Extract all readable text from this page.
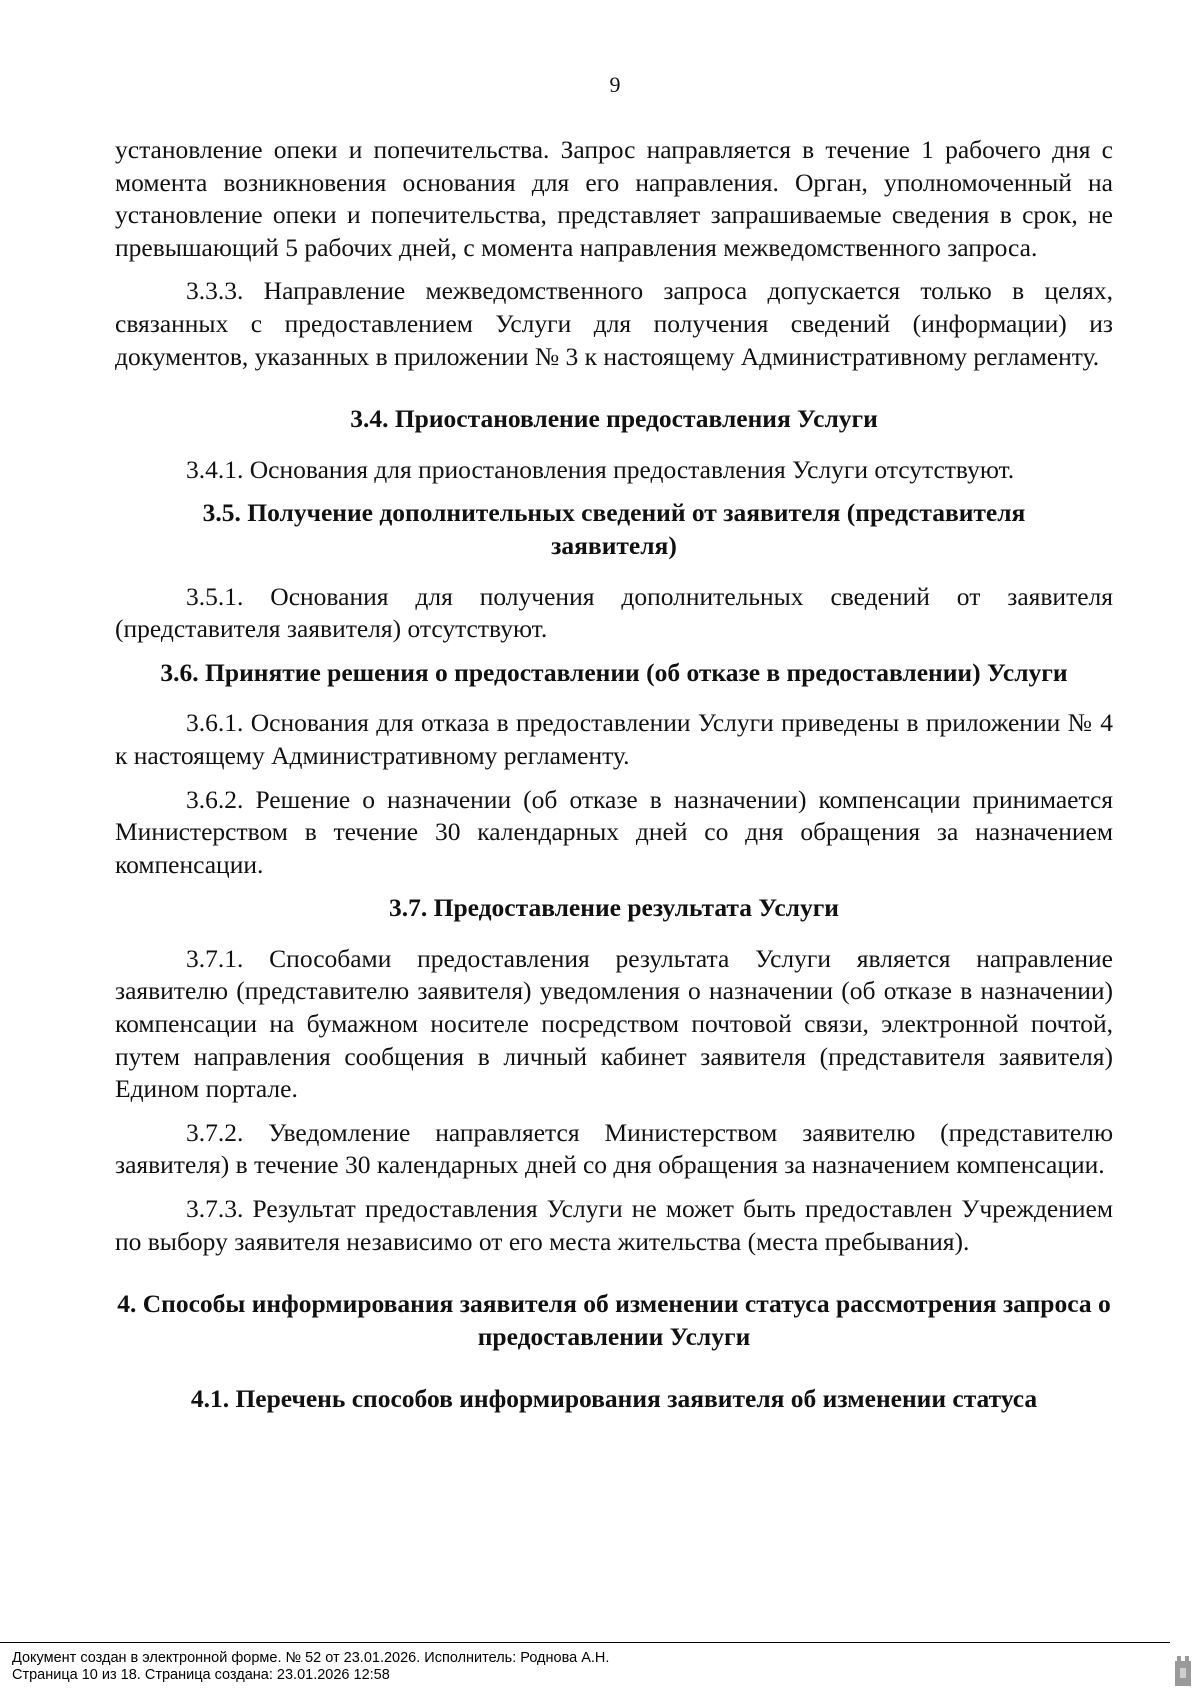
9

установление опеки и попечительства. Запрос направляется в течение 1 рабочего дня с момента возникновения основания для его направления. Орган, уполномоченный на установление опеки и попечительства, представляет запрашиваемые сведения в срок, не превышающий 5 рабочих дней, с момента направления межведомственного запроса.

3.3.3. Направление межведомственного запроса допускается только в целях, связанных с предоставлением Услуги для получения сведений (информации) из документов, указанных в приложении № 3 к настоящему Административному регламенту.

3.4. Приостановление предоставления Услуги

3.4.1. Основания для приостановления предоставления Услуги отсутствуют.

3.5. Получение дополнительных сведений от заявителя (представителя заявителя)

3.5.1. Основания для получения дополнительных сведений от заявителя (представителя заявителя) отсутствуют.

3.6. Принятие решения о предоставлении (об отказе в предоставлении) Услуги

3.6.1. Основания для отказа в предоставлении Услуги приведены в приложении № 4 к настоящему Административному регламенту.

3.6.2. Решение о назначении (об отказе в назначении) компенсации принимается Министерством в течение 30 календарных дней со дня обращения за назначением компенсации.

3.7. Предоставление результата Услуги

3.7.1. Способами предоставления результата Услуги является направление заявителю (представителю заявителя) уведомления о назначении (об отказе в назначении) компенсации на бумажном носителе посредством почтовой связи, электронной почтой, путем направления сообщения в личный кабинет заявителя (представителя заявителя) Едином портале.

3.7.2. Уведомление направляется Министерством заявителю (представителю заявителя) в течение 30 календарных дней со дня обращения за назначением компенсации.

3.7.3. Результат предоставления Услуги не может быть предоставлен Учреждением по выбору заявителя независимо от его места жительства (места пребывания).

4. Способы информирования заявителя об изменении статуса рассмотрения запроса о предоставлении Услуги
4.1. Перечень способов информирования заявителя об изменении статуса
Документ создан в электронной форме. № 52 от 23.01.2026. Исполнитель: Роднова А.Н.
Страница 10 из 18. Страница создана: 23.01.2026 12:58
